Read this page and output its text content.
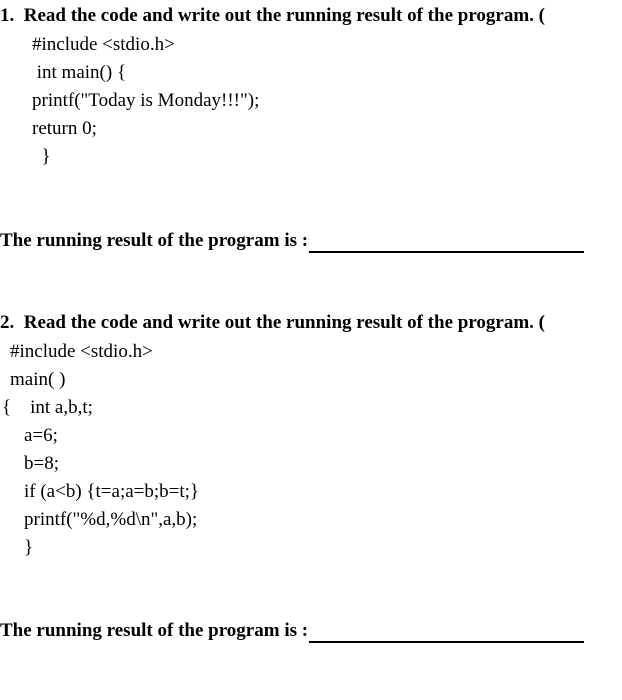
1.  Read the code and write out the running result of the program. (
#include <stdio.h>
int main() {
printf("Today is Monday!!!");
return 0;
}
The running result of the program is :
2.  Read the code and write out the running result of the program. (
#include <stdio.h>
main( )
{    int a,b,t;
a=6;
b=8;
if (a<b) {t=a;a=b;b=t;}
printf("%d,%d\n",a,b);
}
The running result of the program is :
